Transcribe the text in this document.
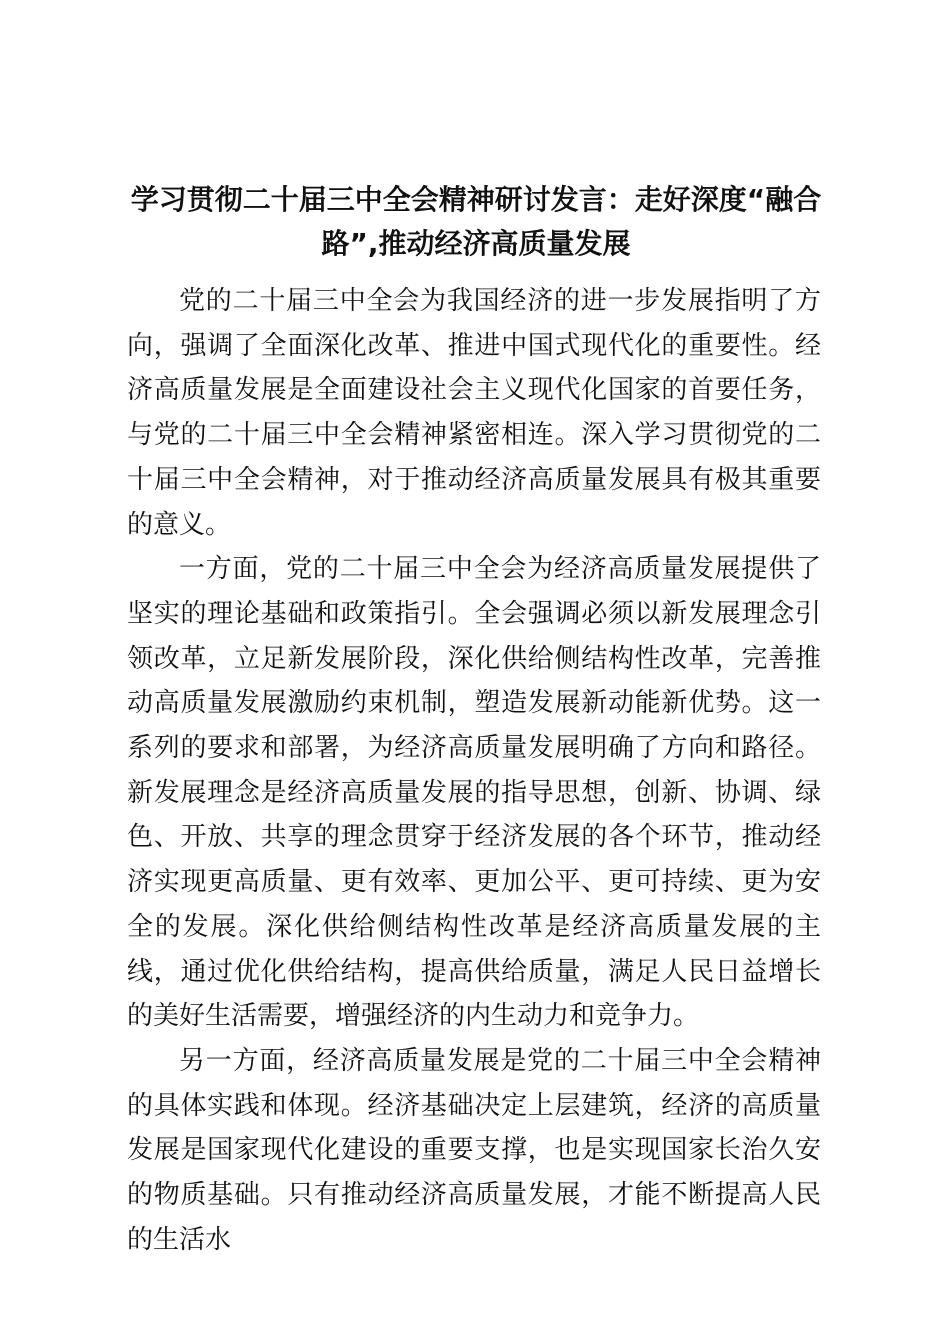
学习贯彻二十届三中全会精神研讨发言：走好深度“融合路”,推动经济高质量发展

党的二十届三中全会为我国经济的进一步发展指明了方向，强调了全面深化改革、推进中国式现代化的重要性。经济高质量发展是全面建设社会主义现代化国家的首要任务，与党的二十届三中全会精神紧密相连。深入学习贯彻党的二十届三中全会精神，对于推动经济高质量发展具有极其重要的意义。

一方面，党的二十届三中全会为经济高质量发展提供了坚实的理论基础和政策指引。全会强调必须以新发展理念引领改革，立足新发展阶段，深化供给侧结构性改革，完善推动高质量发展激励约束机制，塑造发展新动能新优势。这一系列的要求和部署，为经济高质量发展明确了方向和路径。新发展理念是经济高质量发展的指导思想，创新、协调、绿色、开放、共享的理念贯穿于经济发展的各个环节，推动经济实现更高质量、更有效率、更加公平、更可持续、更为安全的发展。深化供给侧结构性改革是经济高质量发展的主线，通过优化供给结构，提高供给质量，满足人民日益增长的美好生活需要，增强经济的内生动力和竞争力。

另一方面，经济高质量发展是党的二十届三中全会精神的具体实践和体现。经济基础决定上层建筑，经济的高质量发展是国家现代化建设的重要支撑，也是实现国家长治久安的物质基础。只有推动经济高质量发展，才能不断提高人民的生活水
